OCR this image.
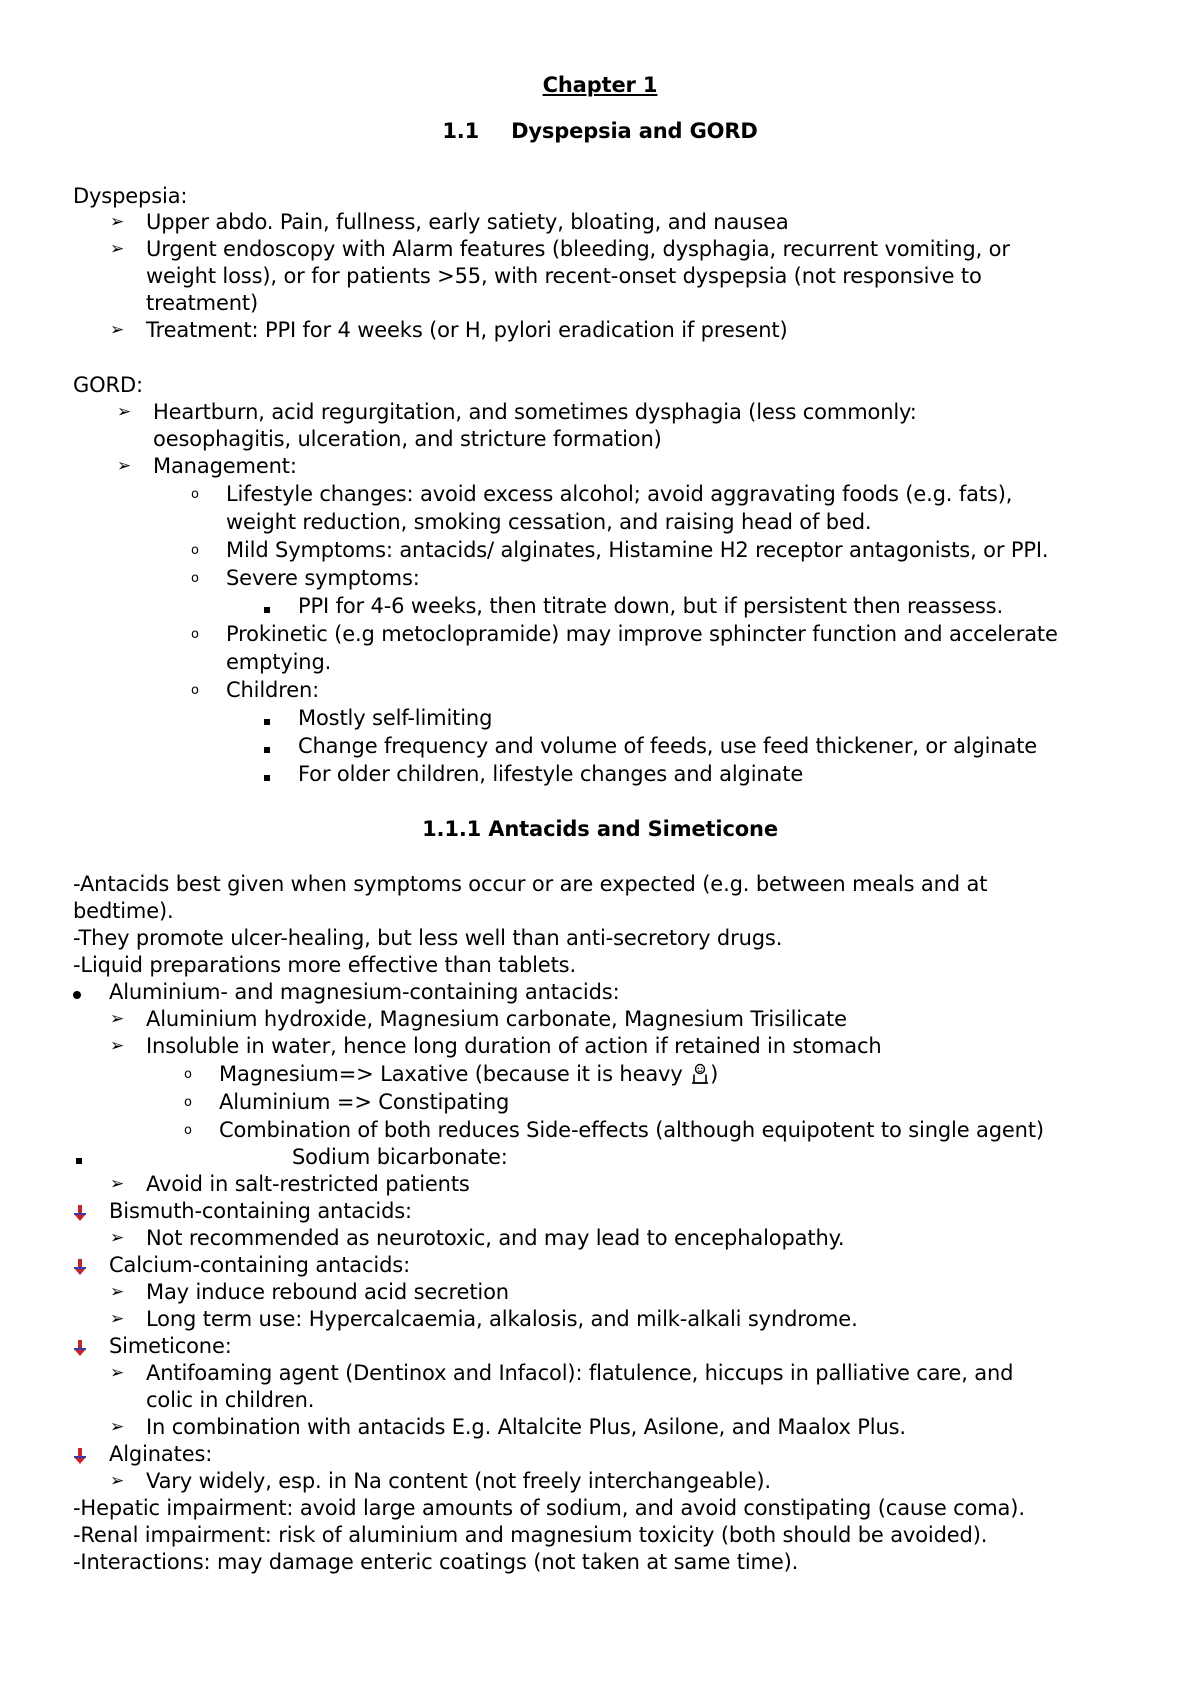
Chapter 1
1.1 Dyspepsia and GORD
Dyspepsia:
➢ Upper abdo. Pain, fullness, early satiety, bloating, and nausea
➢ Urgent endoscopy with Alarm features (bleeding, dysphagia, recurrent vomiting, or
weight loss), or for patients >55, with recent-onset dyspepsia (not responsive to
treatment)
➢ Treatment: PPI for 4 weeks (or H, pylori eradication if present)
GORD:
➢ Heartburn, acid regurgitation, and sometimes dysphagia (less commonly:
oesophagitis, ulceration, and stricture formation)
➢ Management:
o Lifestyle changes: avoid excess alcohol; avoid aggravating foods (e.g. fats),
weight reduction, smoking cessation, and raising head of bed.
o Mild Symptoms: antacids/ alginates, Histamine H2 receptor antagonists, or PPI.
o Severe symptoms:
PPI for 4-6 weeks, then titrate down, but if persistent then reassess.
o Prokinetic (e.g metoclopramide) may improve sphincter function and accelerate
emptying.
o Children:
Mostly self-limiting
Change frequency and volume of feeds, use feed thickener, or alginate
For older children, lifestyle changes and alginate
1.1.1 Antacids and Simeticone
-Antacids best given when symptoms occur or are expected (e.g. between meals and at
bedtime).
-They promote ulcer-healing, but less well than anti-secretory drugs.
-Liquid preparations more effective than tablets.
Aluminium- and magnesium-containing antacids:
➢ Aluminium hydroxide, Magnesium carbonate, Magnesium Trisilicate
➢ Insoluble in water, hence long duration of action if retained in stomach
o Magnesium=> Laxative (because it is heavy )
o Aluminium => Constipating
o Combination of both reduces Side-effects (although equipotent to single agent)
Sodium bicarbonate:
➢ Avoid in salt-restricted patients
Bismuth-containing antacids:
➢ Not recommended as neurotoxic, and may lead to encephalopathy.
Calcium-containing antacids:
➢ May induce rebound acid secretion
➢ Long term use: Hypercalcaemia, alkalosis, and milk-alkali syndrome.
Simeticone:
➢ Antifoaming agent (Dentinox and Infacol): flatulence, hiccups in palliative care, and
colic in children.
➢ In combination with antacids E.g. Altalcite Plus, Asilone, and Maalox Plus.
Alginates:
➢ Vary widely, esp. in Na content (not freely interchangeable).
-Hepatic impairment: avoid large amounts of sodium, and avoid constipating (cause coma).
-Renal impairment: risk of aluminium and magnesium toxicity (both should be avoided).
-Interactions: may damage enteric coatings (not taken at same time).
